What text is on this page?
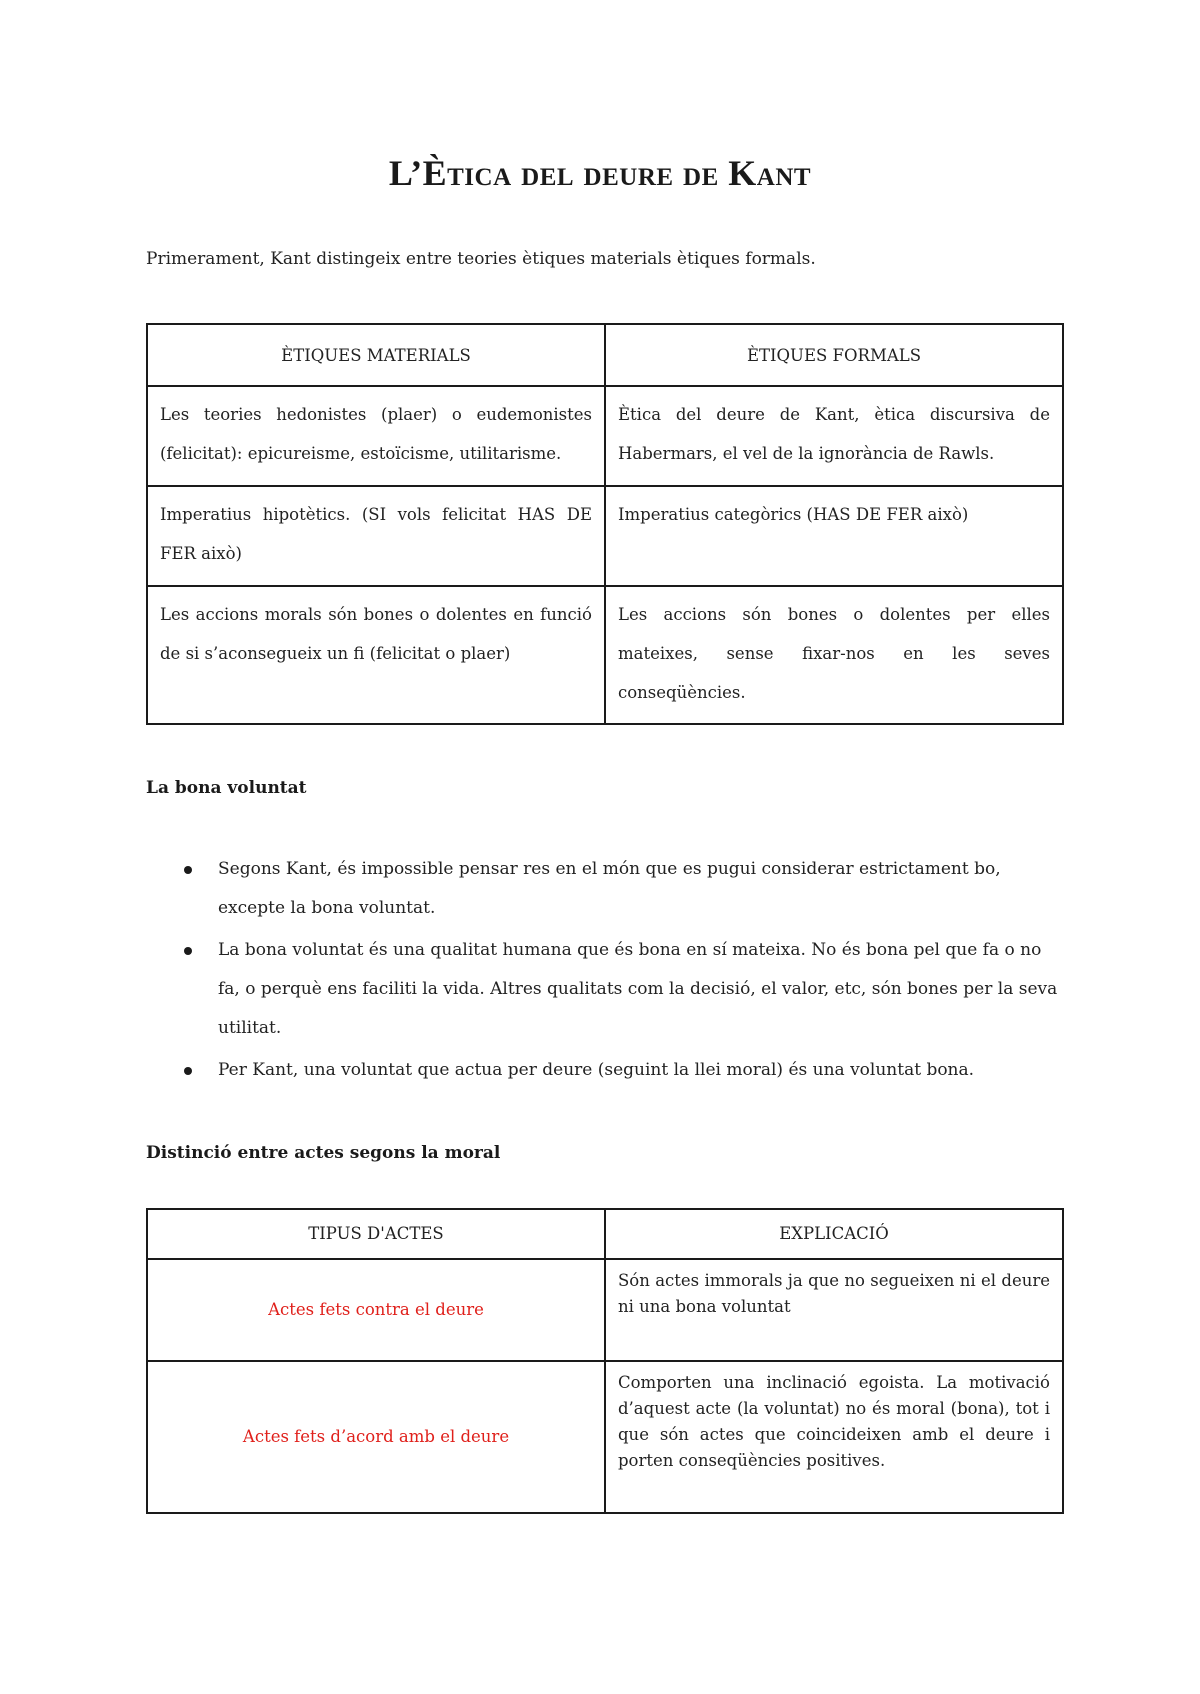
L’Ètica del deure de Kant

Primerament, Kant distingeix entre teories ètiques materials ètiques formals.

ÈTIQUES MATERIALS	ÈTIQUES FORMALS
Les teories hedonistes (plaer) o eudemonistes (felicitat): epicureisme, estoïcisme, utilitarisme.	Ètica del deure de Kant, ètica discursiva de Habermars, el vel de la ignorància de Rawls.
Imperatius hipotètics. (SI vols felicitat HAS DE FER això)	Imperatius categòrics (HAS DE FER això)
Les accions morals són bones o dolentes en funció de si s’aconsegueix un fi (felicitat o plaer)	Les accions són bones o dolentes per elles mateixes, sense fixar-nos en les seves conseqüències.
La bona voluntat
Segons Kant, és impossible pensar res en el món que es pugui considerar estrictament bo, excepte la bona voluntat.
La bona voluntat és una qualitat humana que és bona en sí mateixa. No és bona pel que fa o no fa, o perquè ens faciliti la vida. Altres qualitats com la decisió, el valor, etc, són bones per la seva utilitat.
Per Kant, una voluntat que actua per deure (seguint la llei moral) és una voluntat bona.
Distinció entre actes segons la moral
TIPUS D'ACTES	EXPLICACIÓ
Actes fets contra el deure	Són actes immorals ja que no segueixen ni el deure ni una bona voluntat
Actes fets d’acord amb el deure	Comporten una inclinació egoista. La motivació d’aquest acte (la voluntat) no és moral (bona), tot i que són actes que coincideixen amb el deure i porten conseqüències positives.
